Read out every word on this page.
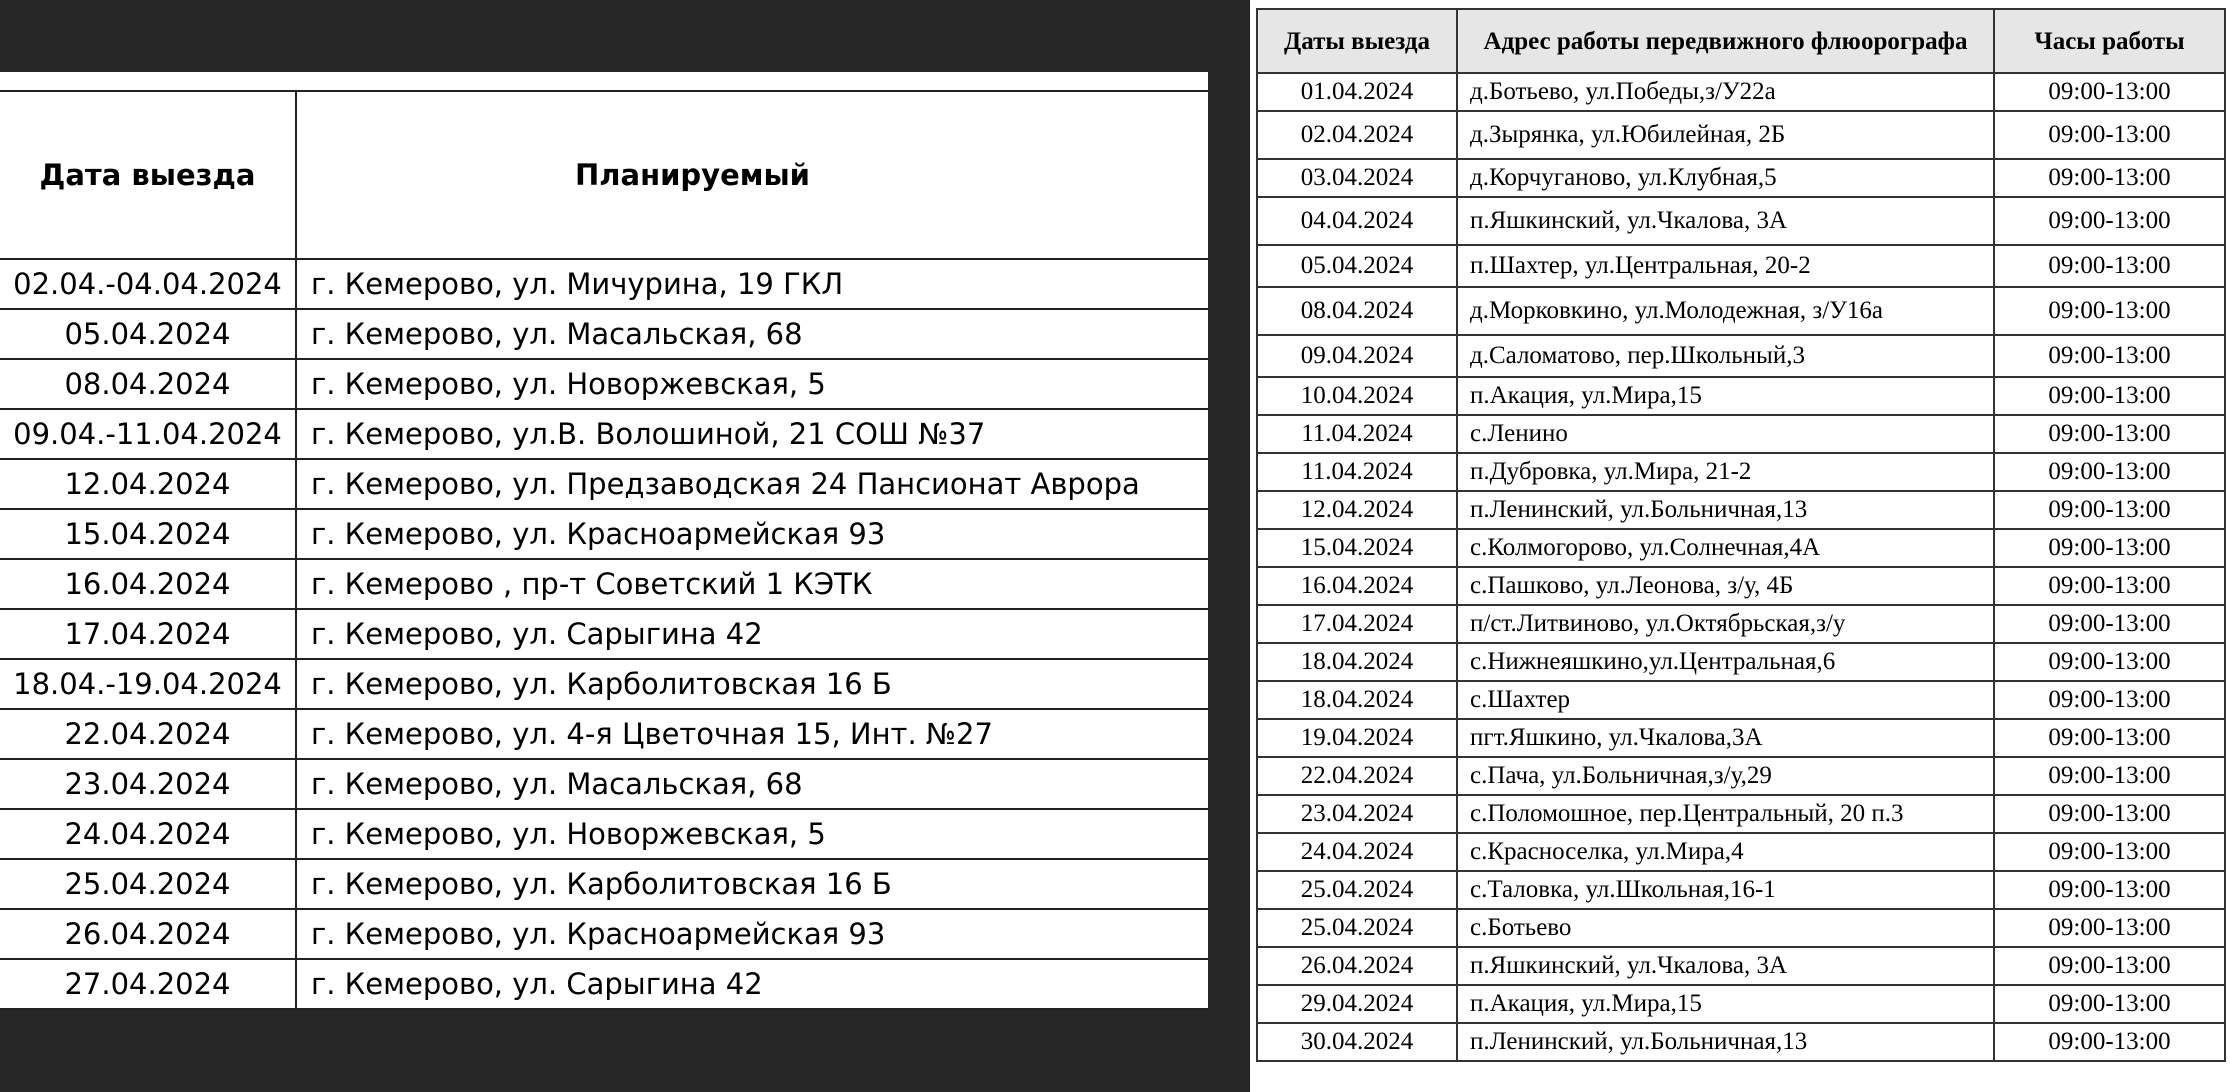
Дата выезда	Планируемый
02.04.-04.04.2024	г. Кемерово, ул. Мичурина, 19 ГКЛ
05.04.2024	г. Кемерово, ул. Масальская, 68
08.04.2024	г. Кемерово, ул. Новоржевская, 5
09.04.-11.04.2024	г. Кемерово, ул.В. Волошиной, 21 СОШ №37
12.04.2024	г. Кемерово, ул. Предзаводская 24 Пансионат Аврора
15.04.2024	г. Кемерово, ул. Красноармейская 93
16.04.2024	г. Кемерово , пр-т Советский 1 КЭТК
17.04.2024	г. Кемерово, ул. Сарыгина 42
18.04.-19.04.2024	г. Кемерово, ул. Карболитовская 16 Б
22.04.2024	г. Кемерово, ул. 4-я Цветочная 15, Инт. №27
23.04.2024	г. Кемерово, ул. Масальская, 68
24.04.2024	г. Кемерово, ул. Новоржевская, 5
25.04.2024	г. Кемерово, ул. Карболитовская 16 Б
26.04.2024	г. Кемерово, ул. Красноармейская 93
27.04.2024	г. Кемерово, ул. Сарыгина 42
Даты выезда	Адрес работы передвижного флюорографа	Часы работы
01.04.2024	д.Ботьево, ул.Победы,з/У22а	09:00-13:00
02.04.2024	д.Зырянка, ул.Юбилейная, 2Б	09:00-13:00
03.04.2024	д.Корчуганово, ул.Клубная,5	09:00-13:00
04.04.2024	п.Яшкинский, ул.Чкалова, 3А	09:00-13:00
05.04.2024	п.Шахтер, ул.Центральная, 20-2	09:00-13:00
08.04.2024	д.Морковкино, ул.Молодежная, з/У16а	09:00-13:00
09.04.2024	д.Саломатово, пер.Школьный,3	09:00-13:00
10.04.2024	п.Акация, ул.Мира,15	09:00-13:00
11.04.2024	с.Ленино	09:00-13:00
11.04.2024	п.Дубровка, ул.Мира, 21-2	09:00-13:00
12.04.2024	п.Ленинский, ул.Больничная,13	09:00-13:00
15.04.2024	с.Колмогорово, ул.Солнечная,4А	09:00-13:00
16.04.2024	с.Пашково, ул.Леонова, з/у, 4Б	09:00-13:00
17.04.2024	п/ст.Литвиново, ул.Октябрьская,з/у	09:00-13:00
18.04.2024	с.Нижнеяшкино,ул.Центральная,6	09:00-13:00
18.04.2024	с.Шахтер	09:00-13:00
19.04.2024	пгт.Яшкино, ул.Чкалова,3А	09:00-13:00
22.04.2024	с.Пача, ул.Больничная,з/у,29	09:00-13:00
23.04.2024	с.Поломошное, пер.Центральный, 20 п.3	09:00-13:00
24.04.2024	с.Красноселка, ул.Мира,4	09:00-13:00
25.04.2024	с.Таловка, ул.Школьная,16-1	09:00-13:00
25.04.2024	с.Ботьево	09:00-13:00
26.04.2024	п.Яшкинский, ул.Чкалова, 3А	09:00-13:00
29.04.2024	п.Акация, ул.Мира,15	09:00-13:00
30.04.2024	п.Ленинский, ул.Больничная,13	09:00-13:00
